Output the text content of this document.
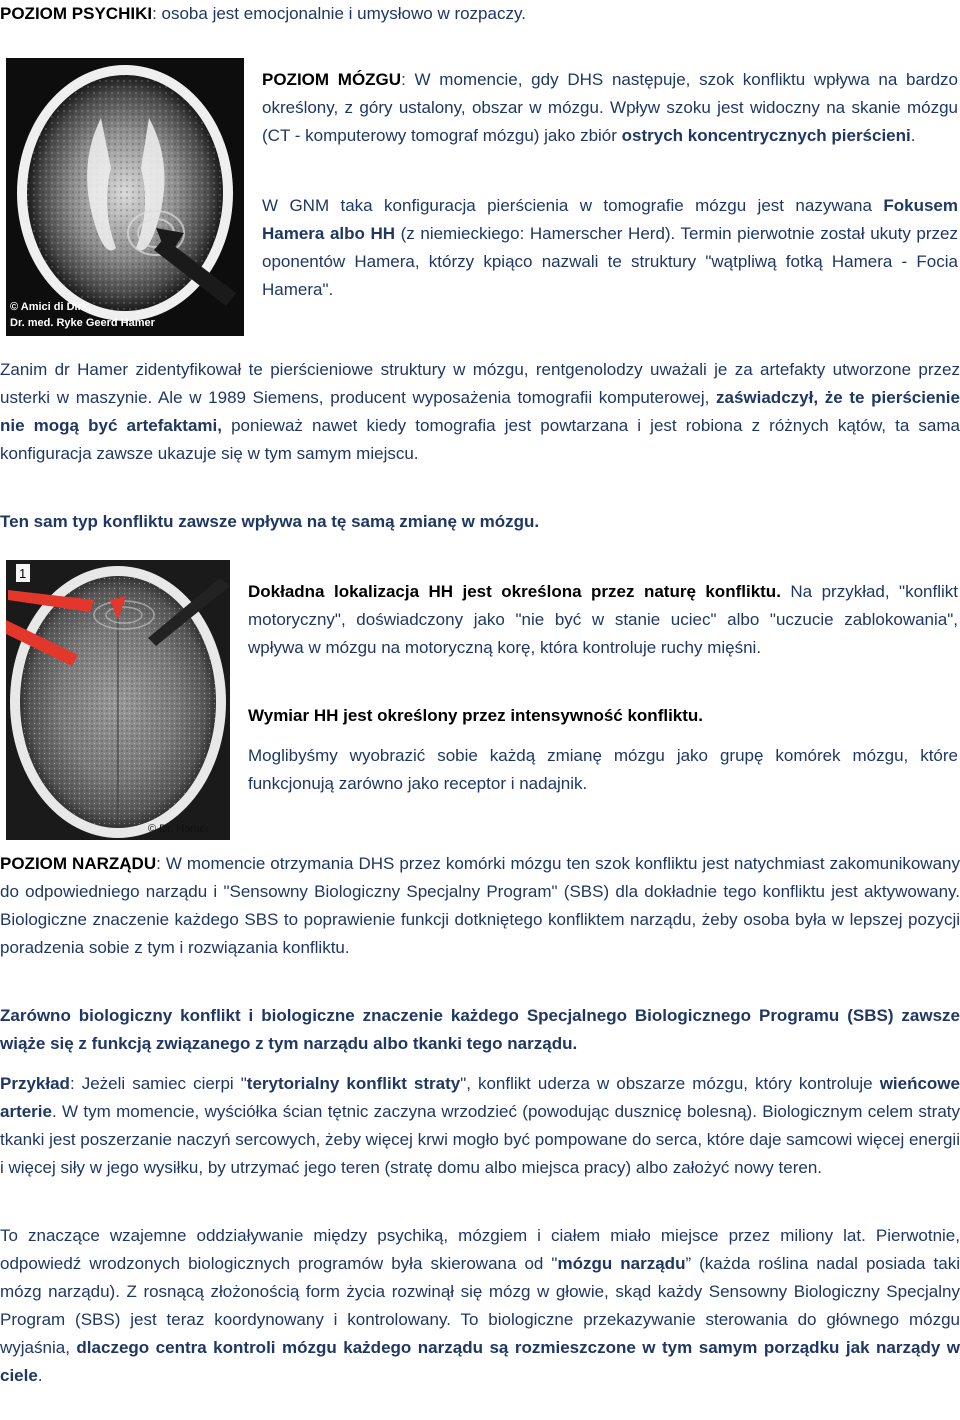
POZIOM PSYCHIKI: osoba jest emocjonalnie i umysłowo w rozpaczy.

© Amici di Dirk,
Dr. med. Ryke Geerd Hamer

POZIOM MÓZGU: W momencie, gdy DHS następuje, szok konfliktu wpływa na bardzo określony, z góry ustalony, obszar w mózgu. Wpływ szoku jest widoczny na skanie mózgu (CT - komputerowy tomograf mózgu) jako zbiór ostrych koncentrycznych pierścieni.

W GNM taka konfiguracja pierścienia w tomografie mózgu jest nazywana Fokusem Hamera albo HH (z niemieckiego: Hamerscher Herd). Termin pierwotnie został ukuty przez oponentów Hamera, którzy kpiąco nazwali te struktury "wątpliwą fotką Hamera - Focia Hamera".

Zanim dr Hamer zidentyfikował te pierścieniowe struktury w mózgu, rentgenolodzy uważali je za artefakty utworzone przez usterki w maszynie. Ale w 1989 Siemens, producent wyposażenia tomografii komputerowej, zaświadczył, że te pierścienie nie mogą być artefaktami, ponieważ nawet kiedy tomografia jest powtarzana i jest robiona z różnych kątów, ta sama konfiguracja zawsze ukazuje się w tym samym miejscu.

Ten sam typ konfliktu zawsze wpływa na tę samą zmianę w mózgu.

1
© Dr. Hamer

Dokładna lokalizacja HH jest określona przez naturę konfliktu. Na przykład, "konflikt motoryczny", doświadczony jako "nie być w stanie uciec" albo "uczucie zablokowania", wpływa w mózgu na motoryczną korę, która kontroluje ruchy mięśni.

Wymiar HH jest określony przez intensywność konfliktu.

Moglibyśmy wyobrazić sobie każdą zmianę mózgu jako grupę komórek mózgu, które funkcjonują zarówno jako receptor i nadajnik.

POZIOM NARZĄDU: W momencie otrzymania DHS przez komórki mózgu ten szok konfliktu jest natychmiast zakomunikowany do odpowiedniego narządu i "Sensowny Biologiczny Specjalny Program" (SBS) dla dokładnie tego konfliktu jest aktywowany. Biologiczne znaczenie każdego SBS to poprawienie funkcji dotkniętego konfliktem narządu, żeby osoba była w lepszej pozycji poradzenia sobie z tym i rozwiązania konfliktu.

Zarówno biologiczny konflikt i biologiczne znaczenie każdego Specjalnego Biologicznego Programu (SBS) zawsze wiąże się z funkcją związanego z tym narządu albo tkanki tego narządu.

Przykład: Jeżeli samiec cierpi "terytorialny konflikt straty", konflikt uderza w obszarze mózgu, który kontroluje wieńcowe arterie. W tym momencie, wyściółka ścian tętnic zaczyna wrzodzieć (powodując dusznicę bolesną). Biologicznym celem straty tkanki jest poszerzanie naczyń sercowych, żeby więcej krwi mogło być pompowane do serca, które daje samcowi więcej energii i więcej siły w jego wysiłku, by utrzymać jego teren (stratę domu albo miejsca pracy) albo założyć nowy teren.

To znaczące wzajemne oddziaływanie między psychiką, mózgiem i ciałem miało miejsce przez miliony lat. Pierwotnie, odpowiedź wrodzonych biologicznych programów była skierowana od "mózgu narządu” (każda roślina nadal posiada taki mózg narządu). Z rosnącą złożonością form życia rozwinął się mózg w głowie, skąd każdy Sensowny Biologiczny Specjalny Program (SBS) jest teraz koordynowany i kontrolowany. To biologiczne przekazywanie sterowania do głównego mózgu wyjaśnia, dlaczego centra kontroli mózgu każdego narządu są rozmieszczone w tym samym porządku jak narządy w ciele.
